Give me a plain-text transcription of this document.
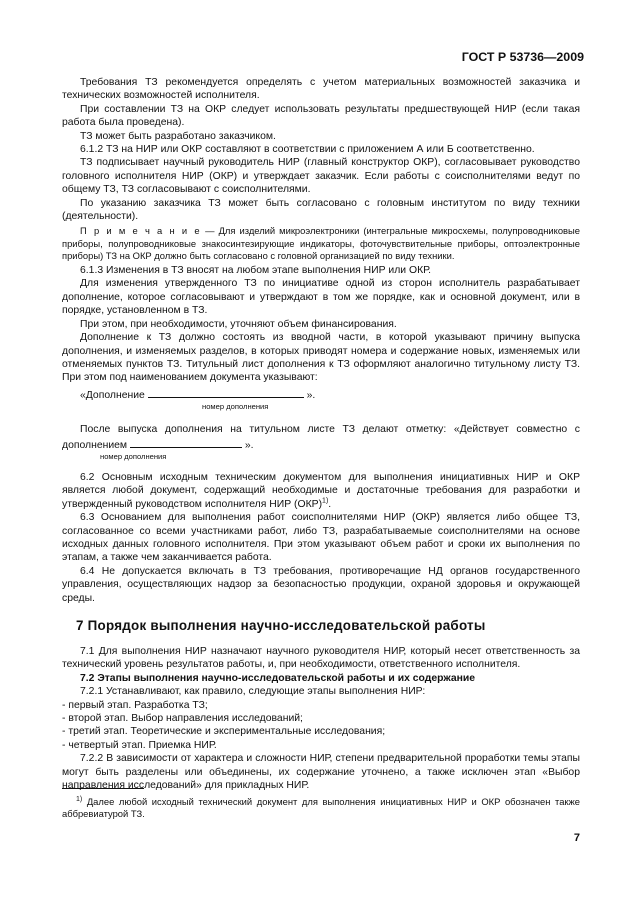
ГОСТ Р 53736—2009

Требования ТЗ рекомендуется определять с учетом материальных возможностей заказчика и технических возможностей исполнителя.

При составлении ТЗ на ОКР следует использовать результаты предшествующей НИР (если такая работа была проведена).

ТЗ может быть разработано заказчиком.

6.1.2 ТЗ на НИР или ОКР составляют в соответствии с приложением А или Б соответственно.

ТЗ подписывает научный руководитель НИР (главный конструктор ОКР), согласовывает руководство головного исполнителя НИР (ОКР) и утверждает заказчик. Если работы с соисполнителями ведут по общему ТЗ, ТЗ согласовывают с соисполнителями.

По указанию заказчика ТЗ может быть согласовано с головным институтом по виду техники (деятельности).

П р и м е ч а н и е — Для изделий микроэлектроники (интегральные микросхемы, полупроводниковые приборы, полупроводниковые знакосинтезирующие индикаторы, фоточувствительные приборы, оптоэлектронные приборы) ТЗ на ОКР должно быть согласовано с головной организацией по виду техники.

6.1.3 Изменения в ТЗ вносят на любом этапе выполнения НИР или ОКР.

Для изменения утвержденного ТЗ по инициативе одной из сторон исполнитель разрабатывает дополнение, которое согласовывают и утверждают в том же порядке, как и основной документ, или в порядке, установленном в ТЗ.

При этом, при необходимости, уточняют объем финансирования.

Дополнение к ТЗ должно состоять из вводной части, в которой указывают причину выпуска дополнения, и изменяемых разделов, в которых приводят номера и содержание новых, изменяемых или отменяемых пунктов ТЗ. Титульный лист дополнения к ТЗ оформляют аналогично титульному листу ТЗ. При этом под наименованием документа указывают:

«Дополнение	».

номер дополнения

После выпуска дополнения на титульном листе ТЗ делают отметку: «Действует совместно с дополнением	».

номер дополнения

6.2 Основным исходным техническим документом для выполнения инициативных НИР и ОКР является любой документ, содержащий необходимые и достаточные требования для разработки и утвержденный руководством исполнителя НИР (ОКР)$^{1)}$.

6.3 Основанием для выполнения работ соисполнителями НИР (ОКР) является либо общее ТЗ, согласованное со всеми участниками работ, либо ТЗ, разрабатываемые соисполнителями на основе исходных данных головного исполнителя. При этом указывают объем работ и сроки их выполнения по этапам, а также чем заканчивается работа.

6.4 Не допускается включать в ТЗ требования, противоречащие НД органов государственного управления, осуществляющих надзор за безопасностью продукции, охраной здоровья и окружающей среды.

7 Порядок выполнения научно-исследовательской работы

7.1 Для выполнения НИР назначают научного руководителя НИР, который несет ответственность за технический уровень результатов работы, и, при необходимости, ответственного исполнителя.

7.2 Этапы выполнения научно-исследовательской работы и их содержание

7.2.1 Устанавливают, как правило, следующие этапы выполнения НИР:

- первый этап. Разработка ТЗ;

- второй этап. Выбор направления исследований;

- третий этап. Теоретические и экспериментальные исследования;

- четвертый этап. Приемка НИР.

7.2.2 В зависимости от характера и сложности НИР, степени предварительной проработки темы этапы могут быть разделены или объединены, их содержание уточнено, а также исключен этап «Выбор направления исследований» для прикладных НИР.

$^{1)}$ Далее любой исходный технический документ для выполнения инициативных НИР и ОКР обозначен также аббревиатурой ТЗ.

7
